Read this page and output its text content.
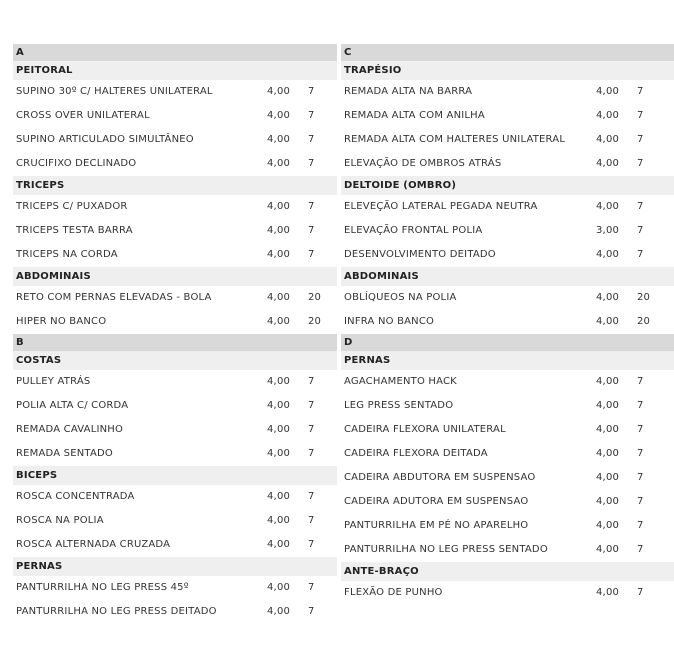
A
PEITORAL
SUPINO 30º C/ HALTERES UNILATERAL	4,00 7
CROSS OVER UNILATERAL	4,00 7
SUPINO ARTICULADO SIMULTÂNEO	4,00 7
CRUCIFIXO DECLINADO	4,00 7
TRICEPS
TRICEPS C/ PUXADOR	4,00 7
TRICEPS TESTA BARRA	4,00 7
TRICEPS NA CORDA	4,00 7
ABDOMINAIS
RETO COM PERNAS ELEVADAS - BOLA	4,00 20
HIPER NO BANCO	4,00 20
B
COSTAS
PULLEY ATRÁS	4,00 7
POLIA ALTA C/ CORDA	4,00 7
REMADA CAVALINHO	4,00 7
REMADA SENTADO	4,00 7
BICEPS
ROSCA CONCENTRADA	4,00 7
ROSCA NA POLIA	4,00 7
ROSCA ALTERNADA CRUZADA	4,00 7
PERNAS
PANTURRILHA NO LEG PRESS 45º	4,00 7
PANTURRILHA NO LEG PRESS DEITADO	4,00 7
C
TRAPÉSIO
REMADA ALTA NA BARRA	4,00 7
REMADA ALTA COM ANILHA	4,00 7
REMADA ALTA COM HALTERES UNILATERAL	4,00 7
ELEVAÇÃO DE OMBROS ATRÁS	4,00 7
DELTOIDE (OMBRO)
ELEVEÇÃO LATERAL PEGADA NEUTRA	4,00 7
ELEVAÇÃO FRONTAL POLIA	3,00 7
DESENVOLVIMENTO DEITADO	4,00 7
ABDOMINAIS
OBLÍQUEOS NA POLIA	4,00 20
INFRA NO BANCO	4,00 20
D
PERNAS
AGACHAMENTO HACK	4,00 7
LEG PRESS SENTADO	4,00 7
CADEIRA FLEXORA UNILATERAL	4,00 7
CADEIRA FLEXORA DEITADA	4,00 7
CADEIRA ABDUTORA EM SUSPENSAO	4,00 7
CADEIRA ADUTORA EM SUSPENSAO	4,00 7
PANTURRILHA EM PÉ NO APARELHO	4,00 7
PANTURRILHA NO LEG PRESS SENTADO	4,00 7
ANTE-BRAÇO
FLEXÃO DE PUNHO	4,00 7
